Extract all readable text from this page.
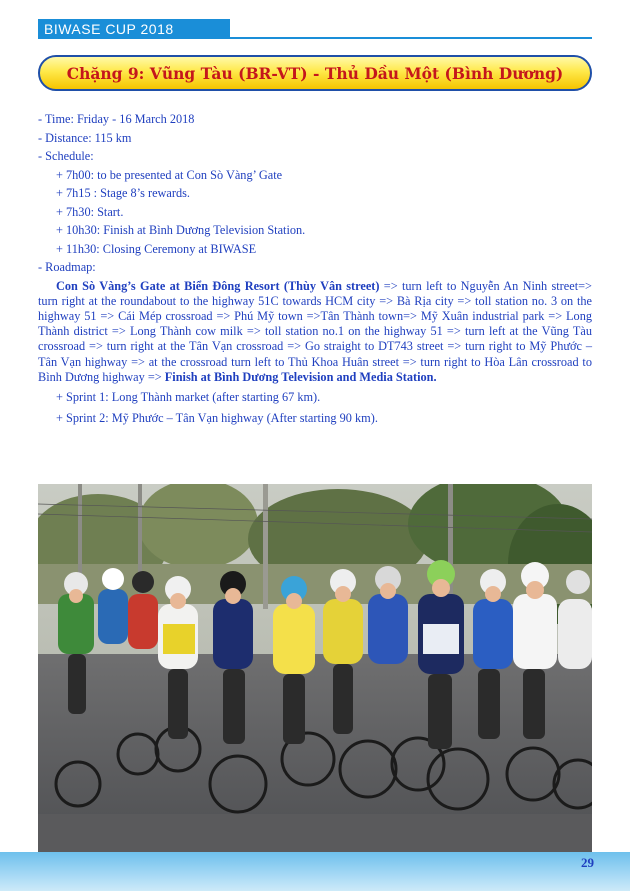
BIWASE CUP 2018
Chặng 9: Vũng Tàu (BR-VT) - Thủ Dầu Một (Bình Dương)
- Time: Friday - 16 March 2018
- Distance: 115 km
- Schedule:
+ 7h00: to be presented at Con Sò Vàng’ Gate
+ 7h15 : Stage 8’s rewards.
+ 7h30: Start.
+ 10h30: Finish at Bình Dương Television Station.
+ 11h30: Closing Ceremony at BIWASE
- Roadmap:
Con Sò Vàng’s Gate at Biển Đông Resort (Thùy Vân street) => turn left to Nguyễn An Ninh street=> turn right at the roundabout to the highway 51C towards HCM city => Bà Rịa city => toll station no. 3 on the highway 51 => Cái Mép crossroad => Phú Mỹ town =>Tân Thành town=> Mỹ Xuân industrial park => Long Thành district => Long Thành cow milk => toll station no.1 on the highway 51 => turn left at the Vũng Tàu crossroad => turn right at the Tân Vạn crossroad => Go straight to DT743 street => turn right to Mỹ Phước – Tân Vạn highway => at the crossroad turn left to Thủ Khoa Huân street => turn right to Hòa Lân crossroad to Bình Dương highway => Finish at Bình Dương Television and Media Station.
+ Sprint 1: Long Thành market (after starting 67 km).
+ Sprint 2: Mỹ Phước – Tân Vạn highway (After starting 90 km).
29
